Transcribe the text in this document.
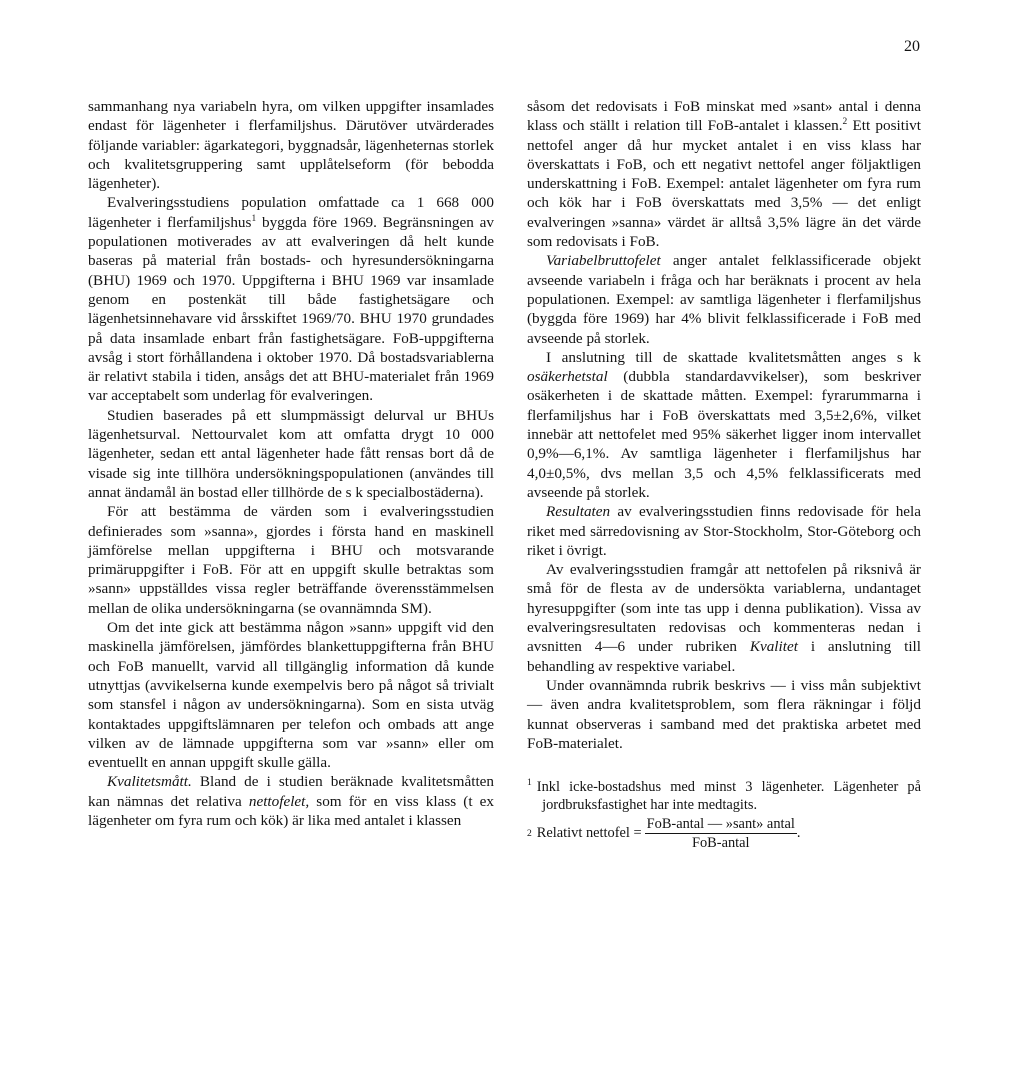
20

sammanhang nya variabeln hyra, om vilken uppgifter insamlades endast för lägenheter i flerfamiljshus. Därutöver utvärderades följande variabler: ägarkategori, byggnadsår, lägenheternas storlek och kvalitetsgruppering samt upplåtelseform (för bebodda lägenheter).

Evalveringsstudiens population omfattade ca 1 668 000 lägenheter i flerfamiljshus$^1$ byggda före 1969. Begränsningen av populationen motiverades av att evalveringen då helt kunde baseras på material från bostads- och hyresundersökningarna (BHU) 1969 och 1970. Uppgifterna i BHU 1969 var insamlade genom en postenkät till både fastighetsägare och lägenhetsinnehavare vid årsskiftet 1969/70. BHU 1970 grundades på data insamlade enbart från fastighetsägare. FoB-uppgifterna avsåg i stort förhållandena i oktober 1970. Då bostadsvariablerna är relativt stabila i tiden, ansågs det att BHU-materialet från 1969 var acceptabelt som underlag för evalveringen.

Studien baserades på ett slumpmässigt delurval ur BHUs lägenhetsurval. Nettourvalet kom att omfatta drygt 10 000 lägenheter, sedan ett antal lägenheter hade fått rensas bort då de visade sig inte tillhöra undersökningspopulationen (användes till annat ändamål än bostad eller tillhörde de s k specialbostäderna).

För att bestämma de värden som i evalveringsstudien definierades som »sanna», gjordes i första hand en maskinell jämförelse mellan uppgifterna i BHU och motsvarande primäruppgifter i FoB. För att en uppgift skulle betraktas som »sann» uppställdes vissa regler beträffande överensstämmelsen mellan de olika undersökningarna (se ovannämnda SM).

Om det inte gick att bestämma någon »sann» uppgift vid den maskinella jämförelsen, jämfördes blankettuppgifterna från BHU och FoB manuellt, varvid all tillgänglig information då kunde utnyttjas (avvikelserna kunde exempelvis bero på något så trivialt som stansfel i någon av undersökningarna). Som en sista utväg kontaktades uppgiftslämnaren per telefon och ombads att ange vilken av de lämnade uppgifterna som var »sann» eller om eventuellt en annan uppgift skulle gälla.

Kvalitetsmått. Bland de i studien beräknade kvalitetsmåtten kan nämnas det relativa nettofelet, som för en viss klass (t ex lägenheter om fyra rum och kök) är lika med antalet i klassen

såsom det redovisats i FoB minskat med »sant» antal i denna klass och ställt i relation till FoB-antalet i klassen.$^2$ Ett positivt nettofel anger då hur mycket antalet i en viss klass har överskattats i FoB, och ett negativt nettofel anger följaktligen underskattning i FoB. Exempel: antalet lägenheter om fyra rum och kök har i FoB överskattats med 3,5% — det enligt evalveringen »sanna» värdet är alltså 3,5% lägre än det värde som redovisats i FoB.

Variabelbruttofelet anger antalet felklassificerade objekt avseende variabeln i fråga och har beräknats i procent av hela populationen. Exempel: av samtliga lägenheter i flerfamiljshus (byggda före 1969) har 4% blivit felklassificerade i FoB med avseende på storlek.

I anslutning till de skattade kvalitetsmåtten anges s k osäkerhetstal (dubbla standardavvikelser), som beskriver osäkerheten i de skattade måtten. Exempel: fyrarummarna i flerfamiljshus har i FoB överskattats med 3,5±2,6%, vilket innebär att nettofelet med 95% säkerhet ligger inom intervallet 0,9%—6,1%. Av samtliga lägenheter i flerfamiljshus har 4,0±0,5%, dvs mellan 3,5 och 4,5% felklassificerats med avseende på storlek.

Resultaten av evalveringsstudien finns redovisade för hela riket med särredovisning av Stor-Stockholm, Stor-Göteborg och riket i övrigt.

Av evalveringsstudien framgår att nettofelen på riksnivå är små för de flesta av de undersökta variablerna, undantaget hyresuppgifter (som inte tas upp i denna publikation). Vissa av evalveringsresultaten redovisas och kommenteras nedan i avsnitten 4—6 under rubriken Kvalitet i anslutning till behandling av respektive variabel.

Under ovannämnda rubrik beskrivs — i viss mån subjektivt — även andra kvalitetsproblem, som flera räkningar i följd kunnat observeras i samband med det praktiska arbetet med FoB-materialet.

$^1$ Inkl icke-bostadshus med minst 3 lägenheter. Lägenheter på jordbruksfastighet har inte medtagits.

2 Relativt nettofel = $\frac{\text{FoB-antal — »sant» antal}}{\text{FoB-antal}}$ .
